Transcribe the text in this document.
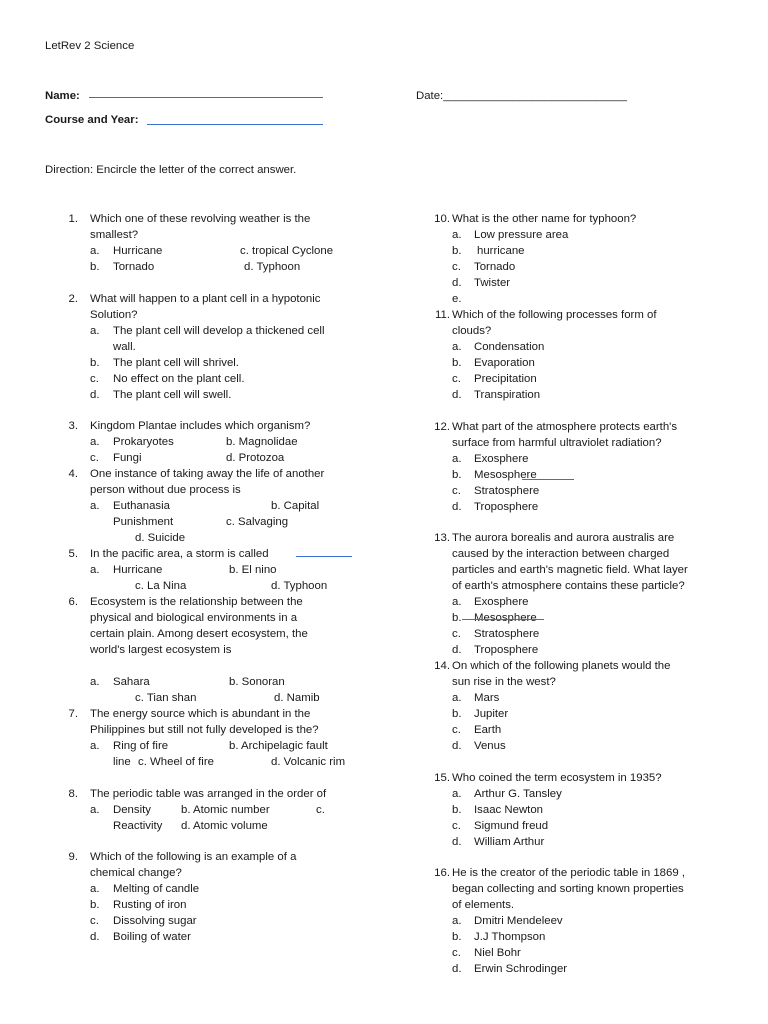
LetRev 2 Science
Name:	Date:_____________________________
Course and Year:
Direction: Encircle the letter of the correct answer.
1. Which one of these revolving weather is the
smallest?
a. Hurricane	c. tropical Cyclone
b. Tornado	d. Typhoon
2. What will happen to a plant cell in a hypotonic
Solution?
a. The plant cell will develop a thickened cell
wall.
b. The plant cell will shrivel.
c. No effect on the plant cell.
d. The plant cell will swell.
3. Kingdom Plantae includes which organism?
a. Prokaryotes	b. Magnolidae
c. Fungi	d. Protozoa
4. One instance of taking away the life of another
person without due process is
a. Euthanasia	b. Capital
Punishment	c. Salvaging
d. Suicide
5. In the pacific area, a storm is called
a. Hurricane	b. El nino
c. La Nina	d. Typhoon
6. Ecosystem is the relationship between the
physical and biological environments in a
certain plain. Among desert ecosystem, the
world's largest ecosystem is
a. Sahara	b. Sonoran
c. Tian shan	d. Namib
7. The energy source which is abundant in the
Philippines but still not fully developed is the?
a. Ring of fire	b. Archipelagic fault
line c. Wheel of fire	d. Volcanic rim
8. The periodic table was arranged in the order of
a. Density	b. Atomic number	c.
Reactivity d. Atomic volume
9. Which of the following is an example of a
chemical change?
a. Melting of candle
b. Rusting of iron
c. Dissolving sugar
d. Boiling of water
10. What is the other name for typhoon?
a. Low pressure area
b. hurricane
c. Tornado
d. Twister
e.
11. Which of the following processes form of
clouds?
a. Condensation
b. Evaporation
c. Precipitation
d. Transpiration
12. What part of the atmosphere protects earth's
surface from harmful ultraviolet radiation?
a. Exosphere
b. Mesosphere
c. Stratosphere
d. Troposphere
13. The aurora borealis and aurora australis are
caused by the interaction between charged
particles and earth's magnetic field. What layer
of earth's atmosphere contains these particle?
a. Exosphere
b. Mesosphere
c. Stratosphere
d. Troposphere
14. On which of the following planets would the
sun rise in the west?
a. Mars
b. Jupiter
c. Earth
d. Venus
15. Who coined the term ecosystem in 1935?
a. Arthur G. Tansley
b. Isaac Newton
c. Sigmund freud
d. William Arthur
16. He is the creator of the periodic table in 1869 ,
began collecting and sorting known properties
of elements.
a. Dmitri Mendeleev
b. J.J Thompson
c. Niel Bohr
d. Erwin Schrodinger
